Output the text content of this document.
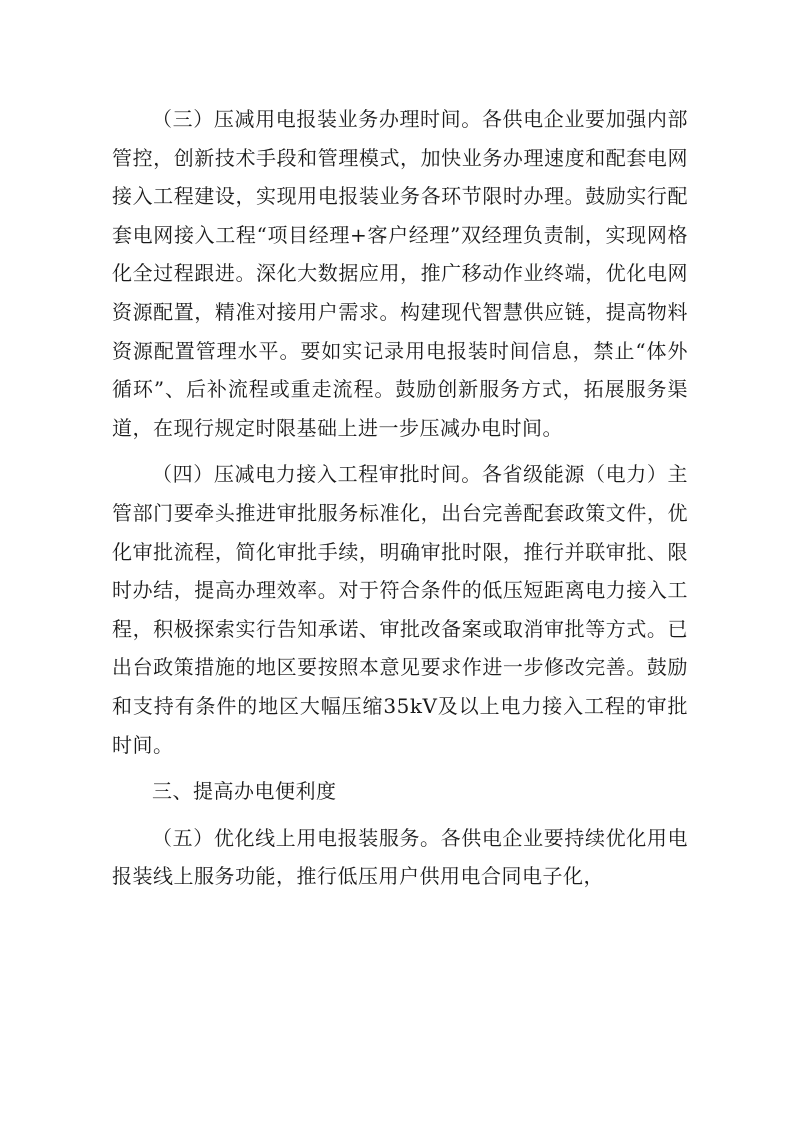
（三）压减用电报装业务办理时间。各供电企业要加强内部管控，创新技术手段和管理模式，加快业务办理速度和配套电网接入工程建设，实现用电报装业务各环节限时办理。鼓励实行配套电网接入工程“项目经理+客户经理”双经理负责制，实现网格化全过程跟进。深化大数据应用，推广移动作业终端，优化电网资源配置，精准对接用户需求。构建现代智慧供应链，提高物料资源配置管理水平。要如实记录用电报装时间信息，禁止“体外循环”、后补流程或重走流程。鼓励创新服务方式，拓展服务渠道，在现行规定时限基础上进一步压减办电时间。

（四）压减电力接入工程审批时间。各省级能源（电力）主管部门要牵头推进审批服务标准化，出台完善配套政策文件，优化审批流程，简化审批手续，明确审批时限，推行并联审批、限时办结，提高办理效率。对于符合条件的低压短距离电力接入工程，积极探索实行告知承诺、审批改备案或取消审批等方式。已出台政策措施的地区要按照本意见要求作进一步修改完善。鼓励和支持有条件的地区大幅压缩35kV及以上电力接入工程的审批时间。

三、提高办电便利度

（五）优化线上用电报装服务。各供电企业要持续优化用电报装线上服务功能，推行低压用户供用电合同电子化，
